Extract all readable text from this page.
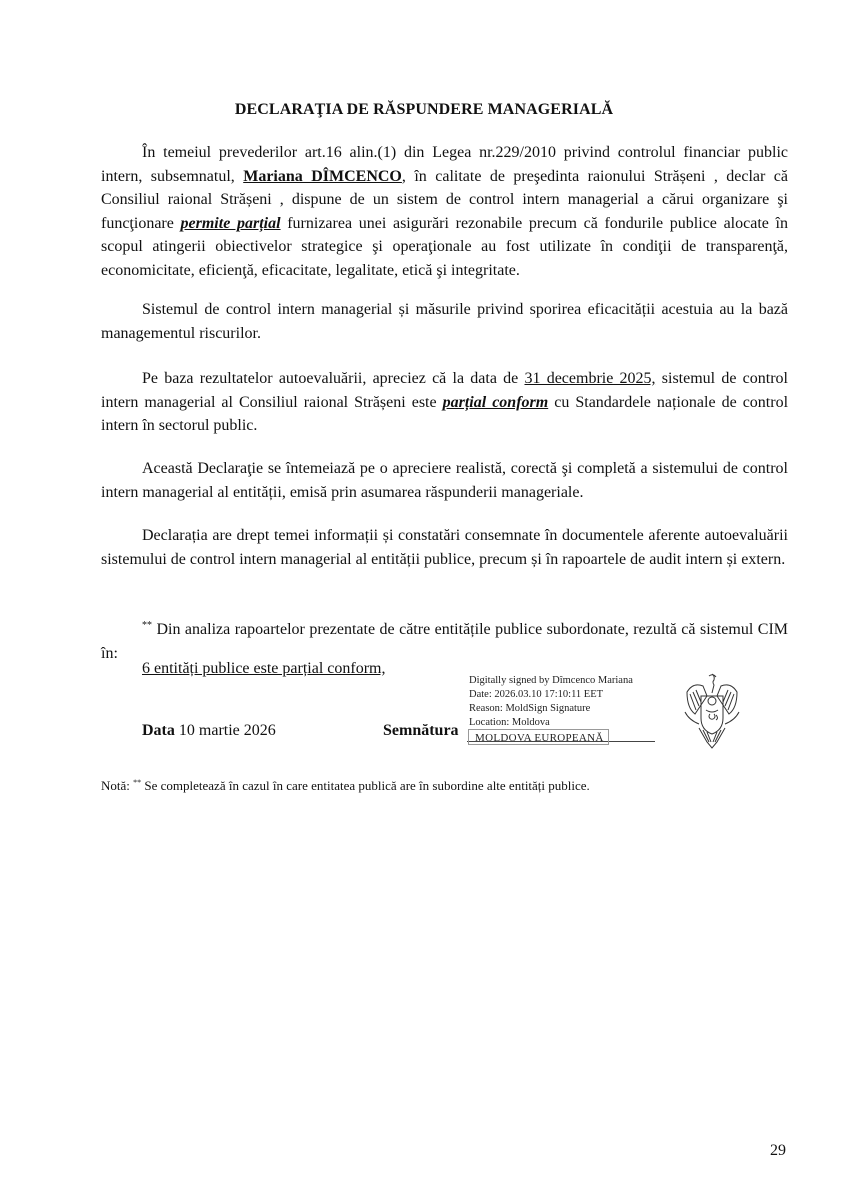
DECLARAŢIA DE RĂSPUNDERE MANAGERIALĂ
În temeiul prevederilor art.16 alin.(1) din Legea nr.229/2010 privind controlul financiar public intern, subsemnatul, Mariana DÎMCENCO, în calitate de preşedinta raionului Strășeni , declar că Consiliul raional Strășeni , dispune de un sistem de control intern managerial a cărui organizare şi funcţionare permite parțial furnizarea unei asigurări rezonabile precum că fondurile publice alocate în scopul atingerii obiectivelor strategice şi operaţionale au fost utilizate în condiţii de transparenţă, economicitate, eficienţă, eficacitate, legalitate, etică şi integritate.
Sistemul de control intern managerial și măsurile privind sporirea eficacității acestuia au la bază managementul riscurilor.
Pe baza rezultatelor autoevaluării, apreciez că la data de 31 decembrie 2025, sistemul de control intern managerial al Consiliul raional Strășeni este parțial conform cu Standardele naționale de control intern în sectorul public.
Această Declaraţie se întemeiază pe o apreciere realistă, corectă şi completă a sistemului de control intern managerial al entității, emisă prin asumarea răspunderii manageriale.
Declarația are drept temei informații și constatări consemnate în documentele aferente autoevaluării sistemului de control intern managerial al entității publice, precum și în rapoartele de audit intern și extern.
** Din analiza rapoartelor prezentate de către entitățile publice subordonate, rezultă că sistemul CIM în:
6 entități publice este parțial conform,
Digitally signed by Dîmcenco Mariana
Date: 2026.03.10 17:10:11 EET
Reason: MoldSign Signature
Location: Moldova
Data 10 martie 2026	Semnătura	MOLDOVA EUROPEANĂ
Notă: ** Se completează în cazul în care entitatea publică are în subordine alte entități publice.
29
